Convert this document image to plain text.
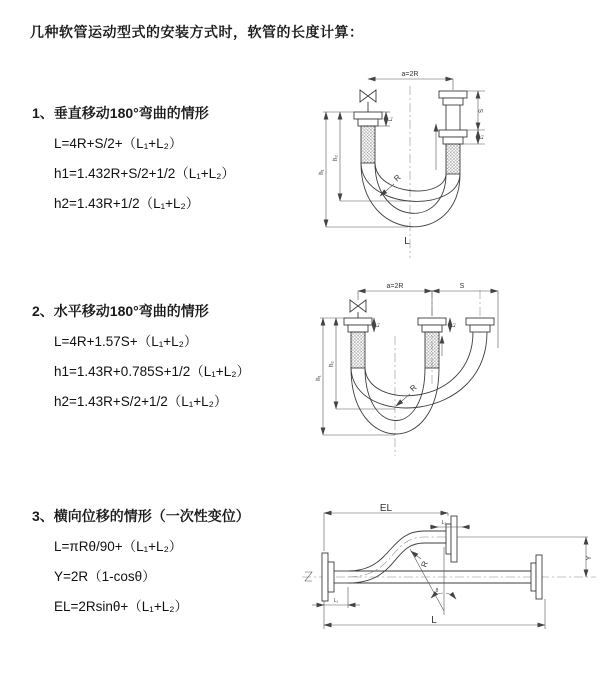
几种软管运动型式的安装方式时，软管的长度计算：
1、垂直移动180°弯曲的情形
L=4R+S/2+（L₁+L₂）
h1=1.432R+S/2+1/2（L₁+L₂）
h2=1.43R+1/2（L₁+L₂）
2、水平移动180°弯曲的情形
L=4R+1.57S+（L₁+L₂）
h1=1.43R+0.785S+1/2（L₁+L₂）
h2=1.43R+S/2+1/2（L₁+L₂）
3、横向位移的情形（一次性变位）
L=πRθ/90+（L₁+L₂）
Y=2R（1-cosθ）
EL=2Rsinθ+（L₁+L₂）
a=2R
L₁
S
L₂
h₂
h₁
R
L
a=2R	S
L₁	L₂
h₂
h₁
R
EL
L₂
Y
L
L₁
θ
R
